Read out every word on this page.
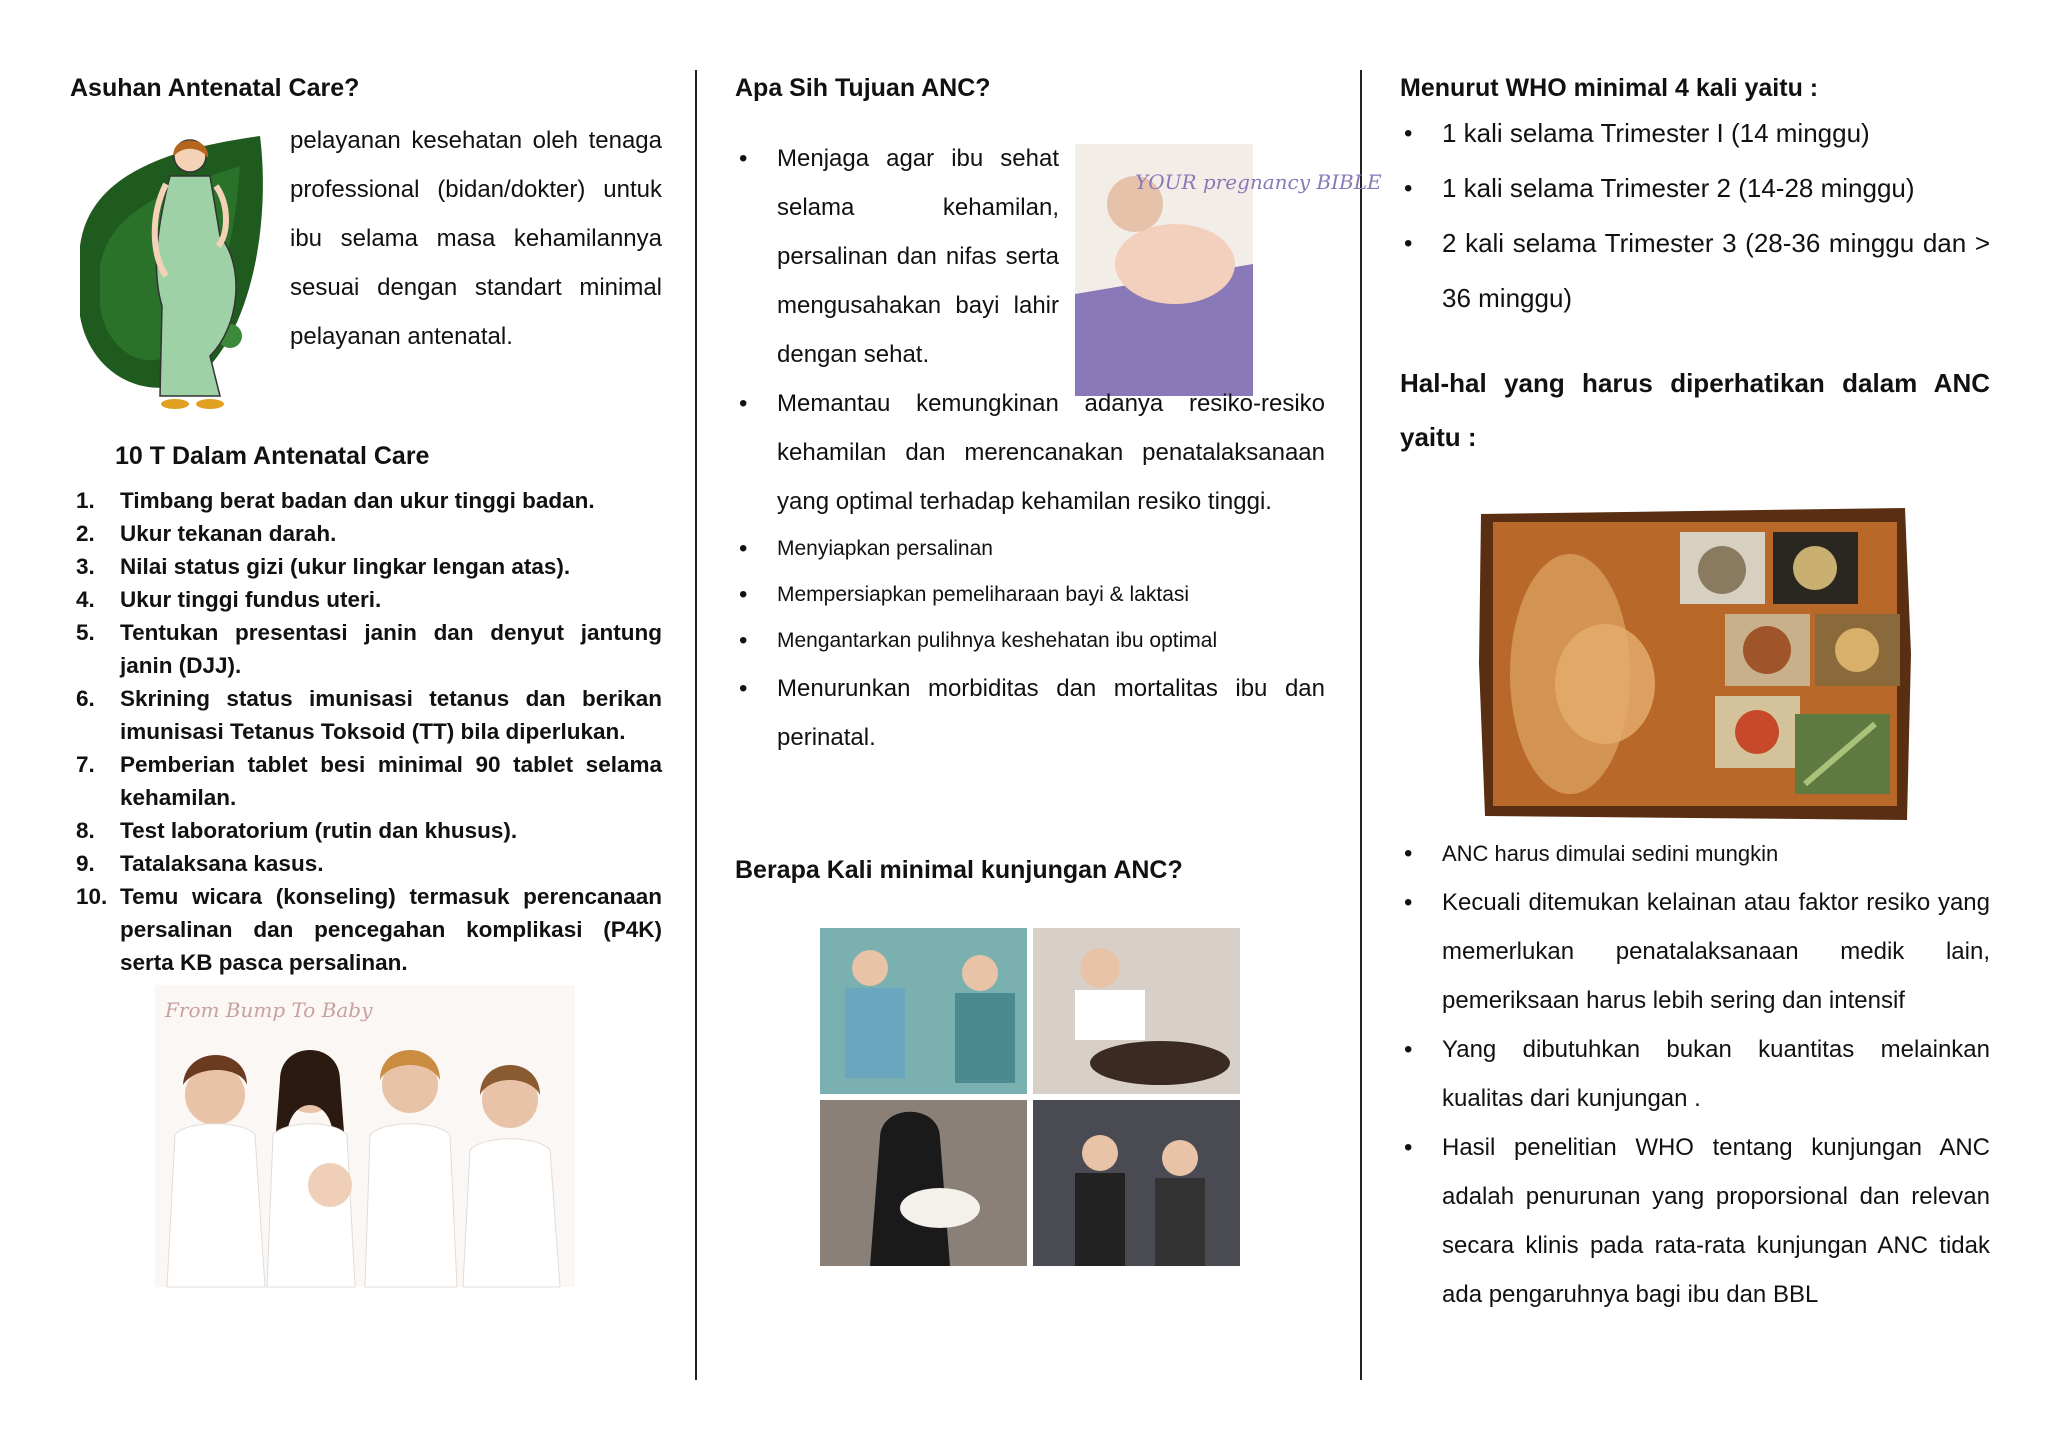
Asuhan Antenatal Care?

pelayanan kesehatan oleh tenaga professional (bidan/dokter) untuk ibu selama masa kehamilannya sesuai dengan standart minimal pelayanan antenatal.

10 T Dalam Antenatal Care
1.	Timbang berat badan dan ukur tinggi badan.
2.	Ukur tekanan darah.
3.	Nilai status gizi (ukur lingkar lengan atas).
4.	Ukur tinggi fundus uteri.
5.	Tentukan presentasi janin dan denyut jantung janin (DJJ).
6.	Skrining status imunisasi tetanus dan berikan imunisasi Tetanus Toksoid (TT) bila diperlukan.
7.	Pemberian tablet besi minimal 90 tablet selama kehamilan.
8.	Test laboratorium (rutin dan khusus).
9.	Tatalaksana kasus.
10. Temu wicara (konseling) termasuk perencanaan persalinan dan pencegahan komplikasi (P4K) serta KB pasca persalinan.
From Bump To Baby
Apa Sih Tujuan ANC?
• Menjaga agar ibu sehat selama kehamilan, persalinan dan nifas serta mengusahakan bayi lahir dengan sehat.
YOUR pregnancy BIBLE
• Memantau kemungkinan adanya resiko-resiko kehamilan dan merencanakan penatalaksanaan yang optimal terhadap kehamilan resiko tinggi.
• Menyiapkan persalinan
• Mempersiapkan pemeliharaan bayi & laktasi
• Mengantarkan pulihnya keshehatan ibu optimal
• Menurunkan morbiditas dan mortalitas ibu dan perinatal.
Berapa Kali minimal kunjungan ANC?
Menurut WHO minimal 4 kali yaitu :
• 1 kali selama Trimester I (14 minggu)
• 1 kali selama Trimester 2 (14-28 minggu)
• 2 kali selama Trimester 3 (28-36 minggu dan > 36 minggu)
Hal-hal yang harus diperhatikan dalam ANC yaitu :
• ANC harus dimulai sedini mungkin
• Kecuali ditemukan kelainan atau faktor resiko yang memerlukan penatalaksanaan medik lain, pemeriksaan harus lebih sering dan intensif
• Yang dibutuhkan bukan kuantitas melainkan kualitas dari kunjungan .
• Hasil penelitian WHO tentang kunjungan ANC adalah penurunan yang proporsional dan relevan secara klinis pada rata-rata kunjungan ANC tidak ada pengaruhnya bagi ibu dan BBL
